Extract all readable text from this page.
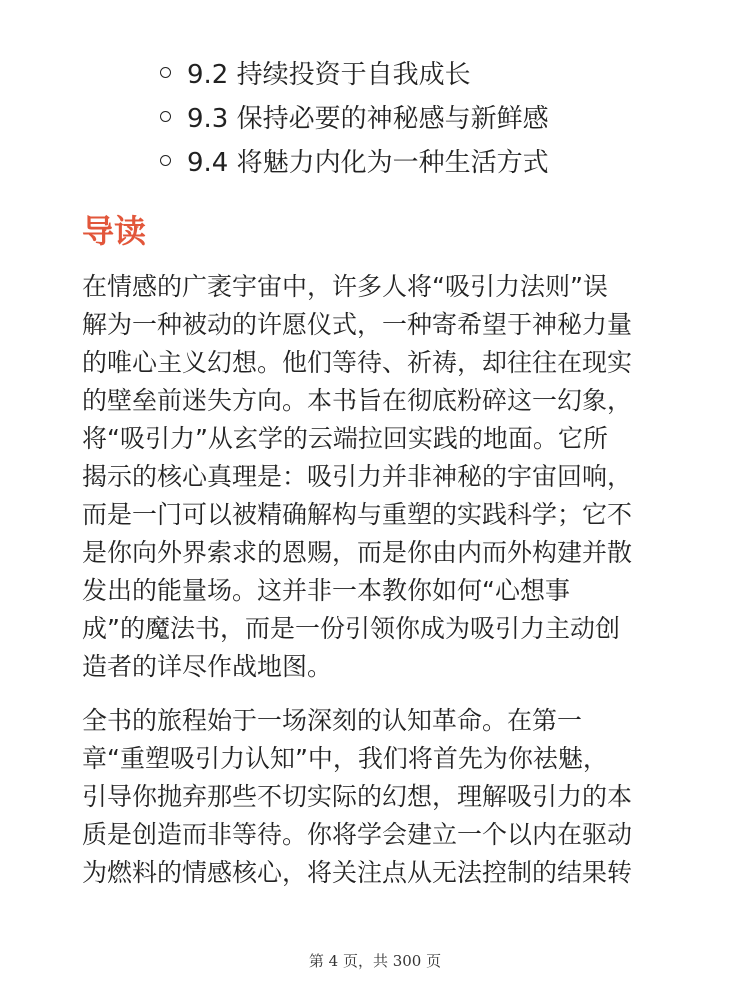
9.2 持续投资于自我成长
9.3 保持必要的神秘感与新鲜感
9.4 将魅力内化为一种生活方式
导读

在情感的广袤宇宙中，许多人将“吸引力法则”误
解为一种被动的许愿仪式，一种寄希望于神秘力量
的唯心主义幻想。他们等待、祈祷，却往往在现实
的壁垒前迷失方向。本书旨在彻底粉碎这一幻象，
将“吸引力”从玄学的云端拉回实践的地面。它所
揭示的核心真理是：吸引力并非神秘的宇宙回响，
而是一门可以被精确解构与重塑的实践科学；它不
是你向外界索求的恩赐，而是你由内而外构建并散
发出的能量场。这并非一本教你如何“心想事
成”的魔法书，而是一份引领你成为吸引力主动创
造者的详尽作战地图。

全书的旅程始于一场深刻的认知革命。在第一
章“重塑吸引力认知”中，我们将首先为你祛魅，
引导你抛弃那些不切实际的幻想，理解吸引力的本
质是创造而非等待。你将学会建立一个以内在驱动
为燃料的情感核心，将关注点从无法控制的结果转

第 4 页，共 300 页
